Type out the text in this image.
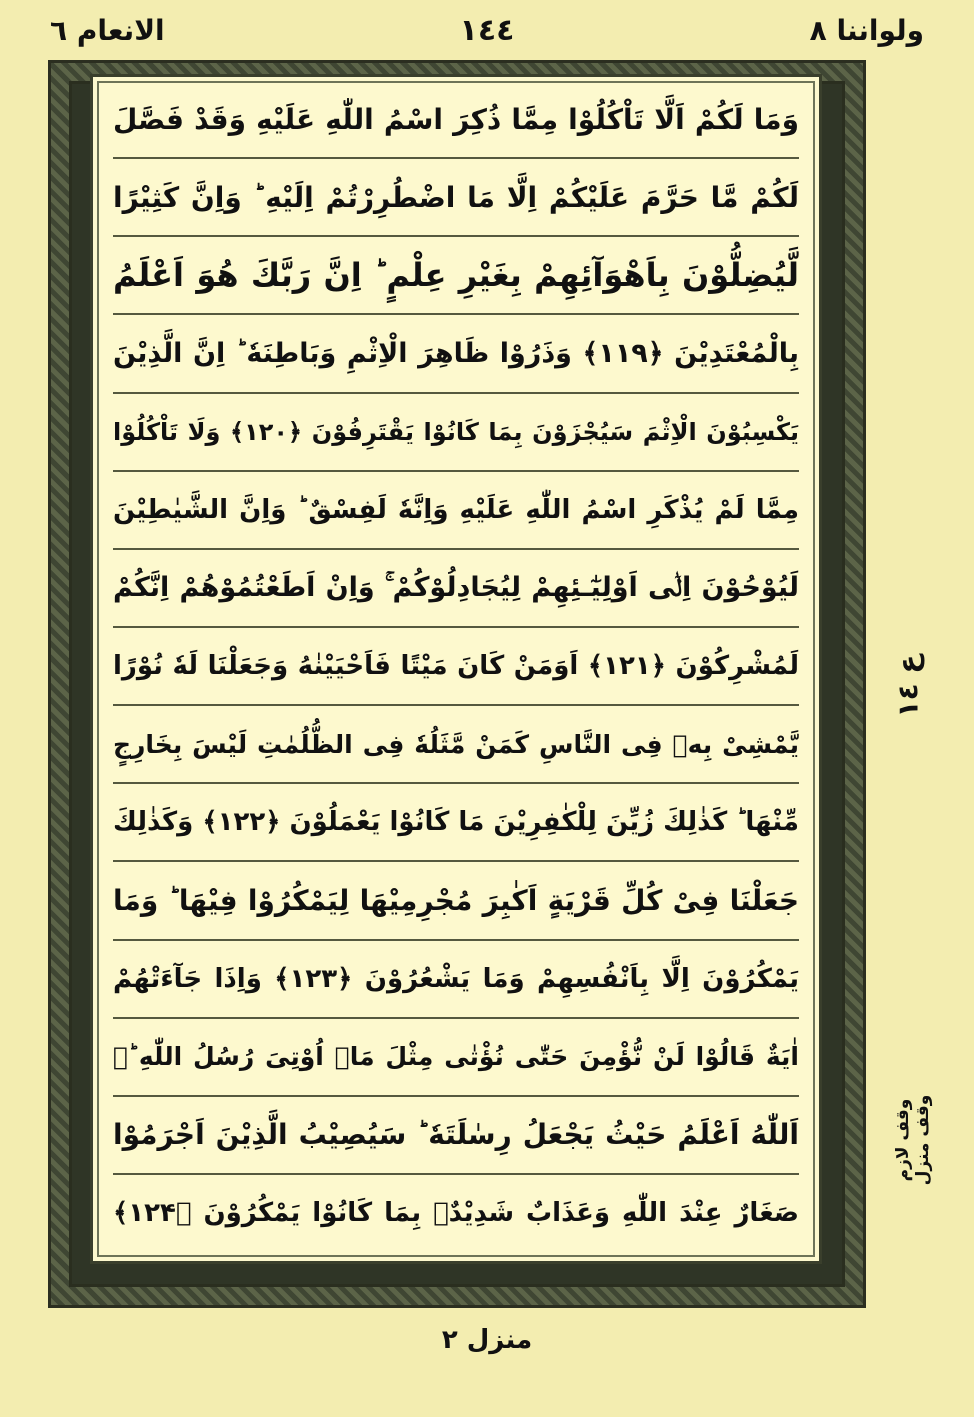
ولواننا ٨
١٤٤
الانعام ٦
وَمَا لَكُمْ اَلَّا تَاْكُلُوْا مِمَّا ذُكِرَ اسْمُ اللّٰهِ عَلَيْهِ وَقَدْ فَصَّلَ
لَكُمْ مَّا حَرَّمَ عَلَيْكُمْ اِلَّا مَا اضْطُرِرْتُمْ اِلَيْهِ ؕ وَاِنَّ كَثِيْرًا
لَّيُضِلُّوْنَ بِاَهْوَآئِهِمْ بِغَيْرِ عِلْمٍ ؕ اِنَّ رَبَّكَ هُوَ اَعْلَمُ
بِالْمُعْتَدِيْنَ ﴿۱۱۹﴾ وَذَرُوْا ظَاهِرَ الْاِثْمِ وَبَاطِنَهٗ ؕ اِنَّ الَّذِيْنَ
يَكْسِبُوْنَ الْاِثْمَ سَيُجْزَوْنَ بِمَا كَانُوْا يَقْتَرِفُوْنَ ﴿۱۲۰﴾ وَلَا تَاْكُلُوْا
مِمَّا لَمْ يُذْكَرِ اسْمُ اللّٰهِ عَلَيْهِ وَاِنَّهٗ لَفِسْقٌ ؕ وَاِنَّ الشَّيٰطِيْنَ
لَيُوْحُوْنَ اِلٰۤى اَوْلِيٰٓـئِهِمْ لِيُجَادِلُوْكُمْ ۚ وَاِنْ اَطَعْتُمُوْهُمْ اِنَّكُمْ
لَمُشْرِكُوْنَ ﴿۱۲۱﴾ اَوَمَنْ كَانَ مَيْتًا فَاَحْيَيْنٰهُ وَجَعَلْنَا لَهٗ نُوْرًا
يَّمْشِىْ بِهٖ فِى النَّاسِ كَمَنْ مَّثَلُهٗ فِى الظُّلُمٰتِ لَيْسَ بِخَارِجٍ
مِّنْهَا ؕ كَذٰلِكَ زُيِّنَ لِلْكٰفِرِيْنَ مَا كَانُوْا يَعْمَلُوْنَ ﴿۱۲۲﴾ وَكَذٰلِكَ
جَعَلْنَا فِىْ كُلِّ قَرْيَةٍ اَكٰبِرَ مُجْرِمِيْهَا لِيَمْكُرُوْا فِيْهَا ؕ وَمَا
يَمْكُرُوْنَ اِلَّا بِاَنْفُسِهِمْ وَمَا يَشْعُرُوْنَ ﴿۱۲۳﴾ وَاِذَا جَآءَتْهُمْ
اٰيَةٌ قَالُوْا لَنْ نُّؤْمِنَ حَتّٰى نُؤْتٰى مِثْلَ مَاۤ اُوْتِىَ رُسُلُ اللّٰهِ ؕۘ
اَللّٰهُ اَعْلَمُ حَيْثُ يَجْعَلُ رِسٰلَتَهٗ ؕ سَيُصِيْبُ الَّذِيْنَ اَجْرَمُوْا
صَغَارٌ عِنْدَ اللّٰهِ وَعَذَابٌ شَدِيْدٌۢ بِمَا كَانُوْا يَمْكُرُوْنَ ﴿۱۲۴﴾
ع ١٤
وقف لازم وقف منزل
منزل ٢
